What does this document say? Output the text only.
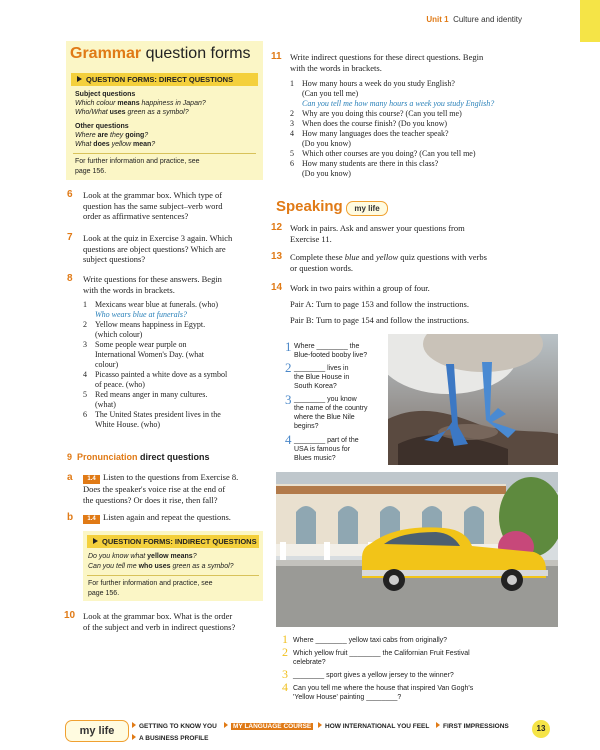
Unit 1 Culture and identity
Grammar question forms
QUESTION FORMS: DIRECT QUESTIONS
Subject questions
Which colour means happiness in Japan?
Who/What uses green as a symbol?
Other questions
Where are they going?
What does yellow mean?
For further information and practice, see
page 156.
6 Look at the grammar box. Which type of
question has the same subject–verb word
order as affirmative sentences?
7 Look at the quiz in Exercise 3 again. Which
questions are object questions? Which are
subject questions?
8 Write questions for these answers. Begin
with the words in brackets.
1 Mexicans wear blue at funerals. (who)
Who wears blue at funerals?
2 Yellow means happiness in Egypt.
(which colour)
3 Some people wear purple on
International Women's Day. (what
colour)
4 Picasso painted a white dove as a symbol
of peace. (who)
5 Red means anger in many cultures.
(what)
6 The United States president lives in the
White House. (who)
9 Pronunciation direct questions
a	1.4 Listen to the questions from Exercise 8.
Does the speaker's voice rise at the end of
the questions? Or does it rise, then fall?
b	1.4 Listen again and repeat the questions.
QUESTION FORMS: INDIRECT QUESTIONS
Do you know what yellow means?
Can you tell me who uses green as a symbol?
For further information and practice, see
page 156.
10 Look at the grammar box. What is the order
of the subject and verb in indirect questions?
11 Write indirect questions for these direct questions. Begin
with the words in brackets.
1 How many hours a week do you study English?
(Can you tell me)
Can you tell me how many hours a week you study English?
2 Why are you doing this course? (Can you tell me)
3 When does the course finish? (Do you know)
4 How many languages does the teacher speak?
(Do you know)
5 Which other courses are you doing? (Can you tell me)
6 How many students are there in this class?
(Do you know)
Speaking	my life
12 Work in pairs. Ask and answer your questions from
Exercise 11.
13 Complete these blue and yellow quiz questions with verbs
or question words.
14 Work in two pairs within a group of four.
Pair A: Turn to page 153 and follow the instructions.
Pair B: Turn to page 154 and follow the instructions.
1 Where ________ the
Blue-footed booby live?
2 ________ lives in
the Blue House in
South Korea?
3 ________ you know
the name of the country
where the Blue Nile
begins?
4 ________ part of the
USA is famous for
Blues music?
1 Where ________ yellow taxi cabs from originally?
2 Which yellow fruit ________ the Californian Fruit Festival
celebrate?
3 ________ sport gives a yellow jersey to the winner?
4 Can you tell me where the house that inspired Van Gogh's
'Yellow House' painting ________?
my life	GETTING TO KNOW YOU	MY LANGUAGE COURSE	HOW INTERNATIONAL YOU FEEL	FIRST IMPRESSIONS
A BUSINESS PROFILE
13
